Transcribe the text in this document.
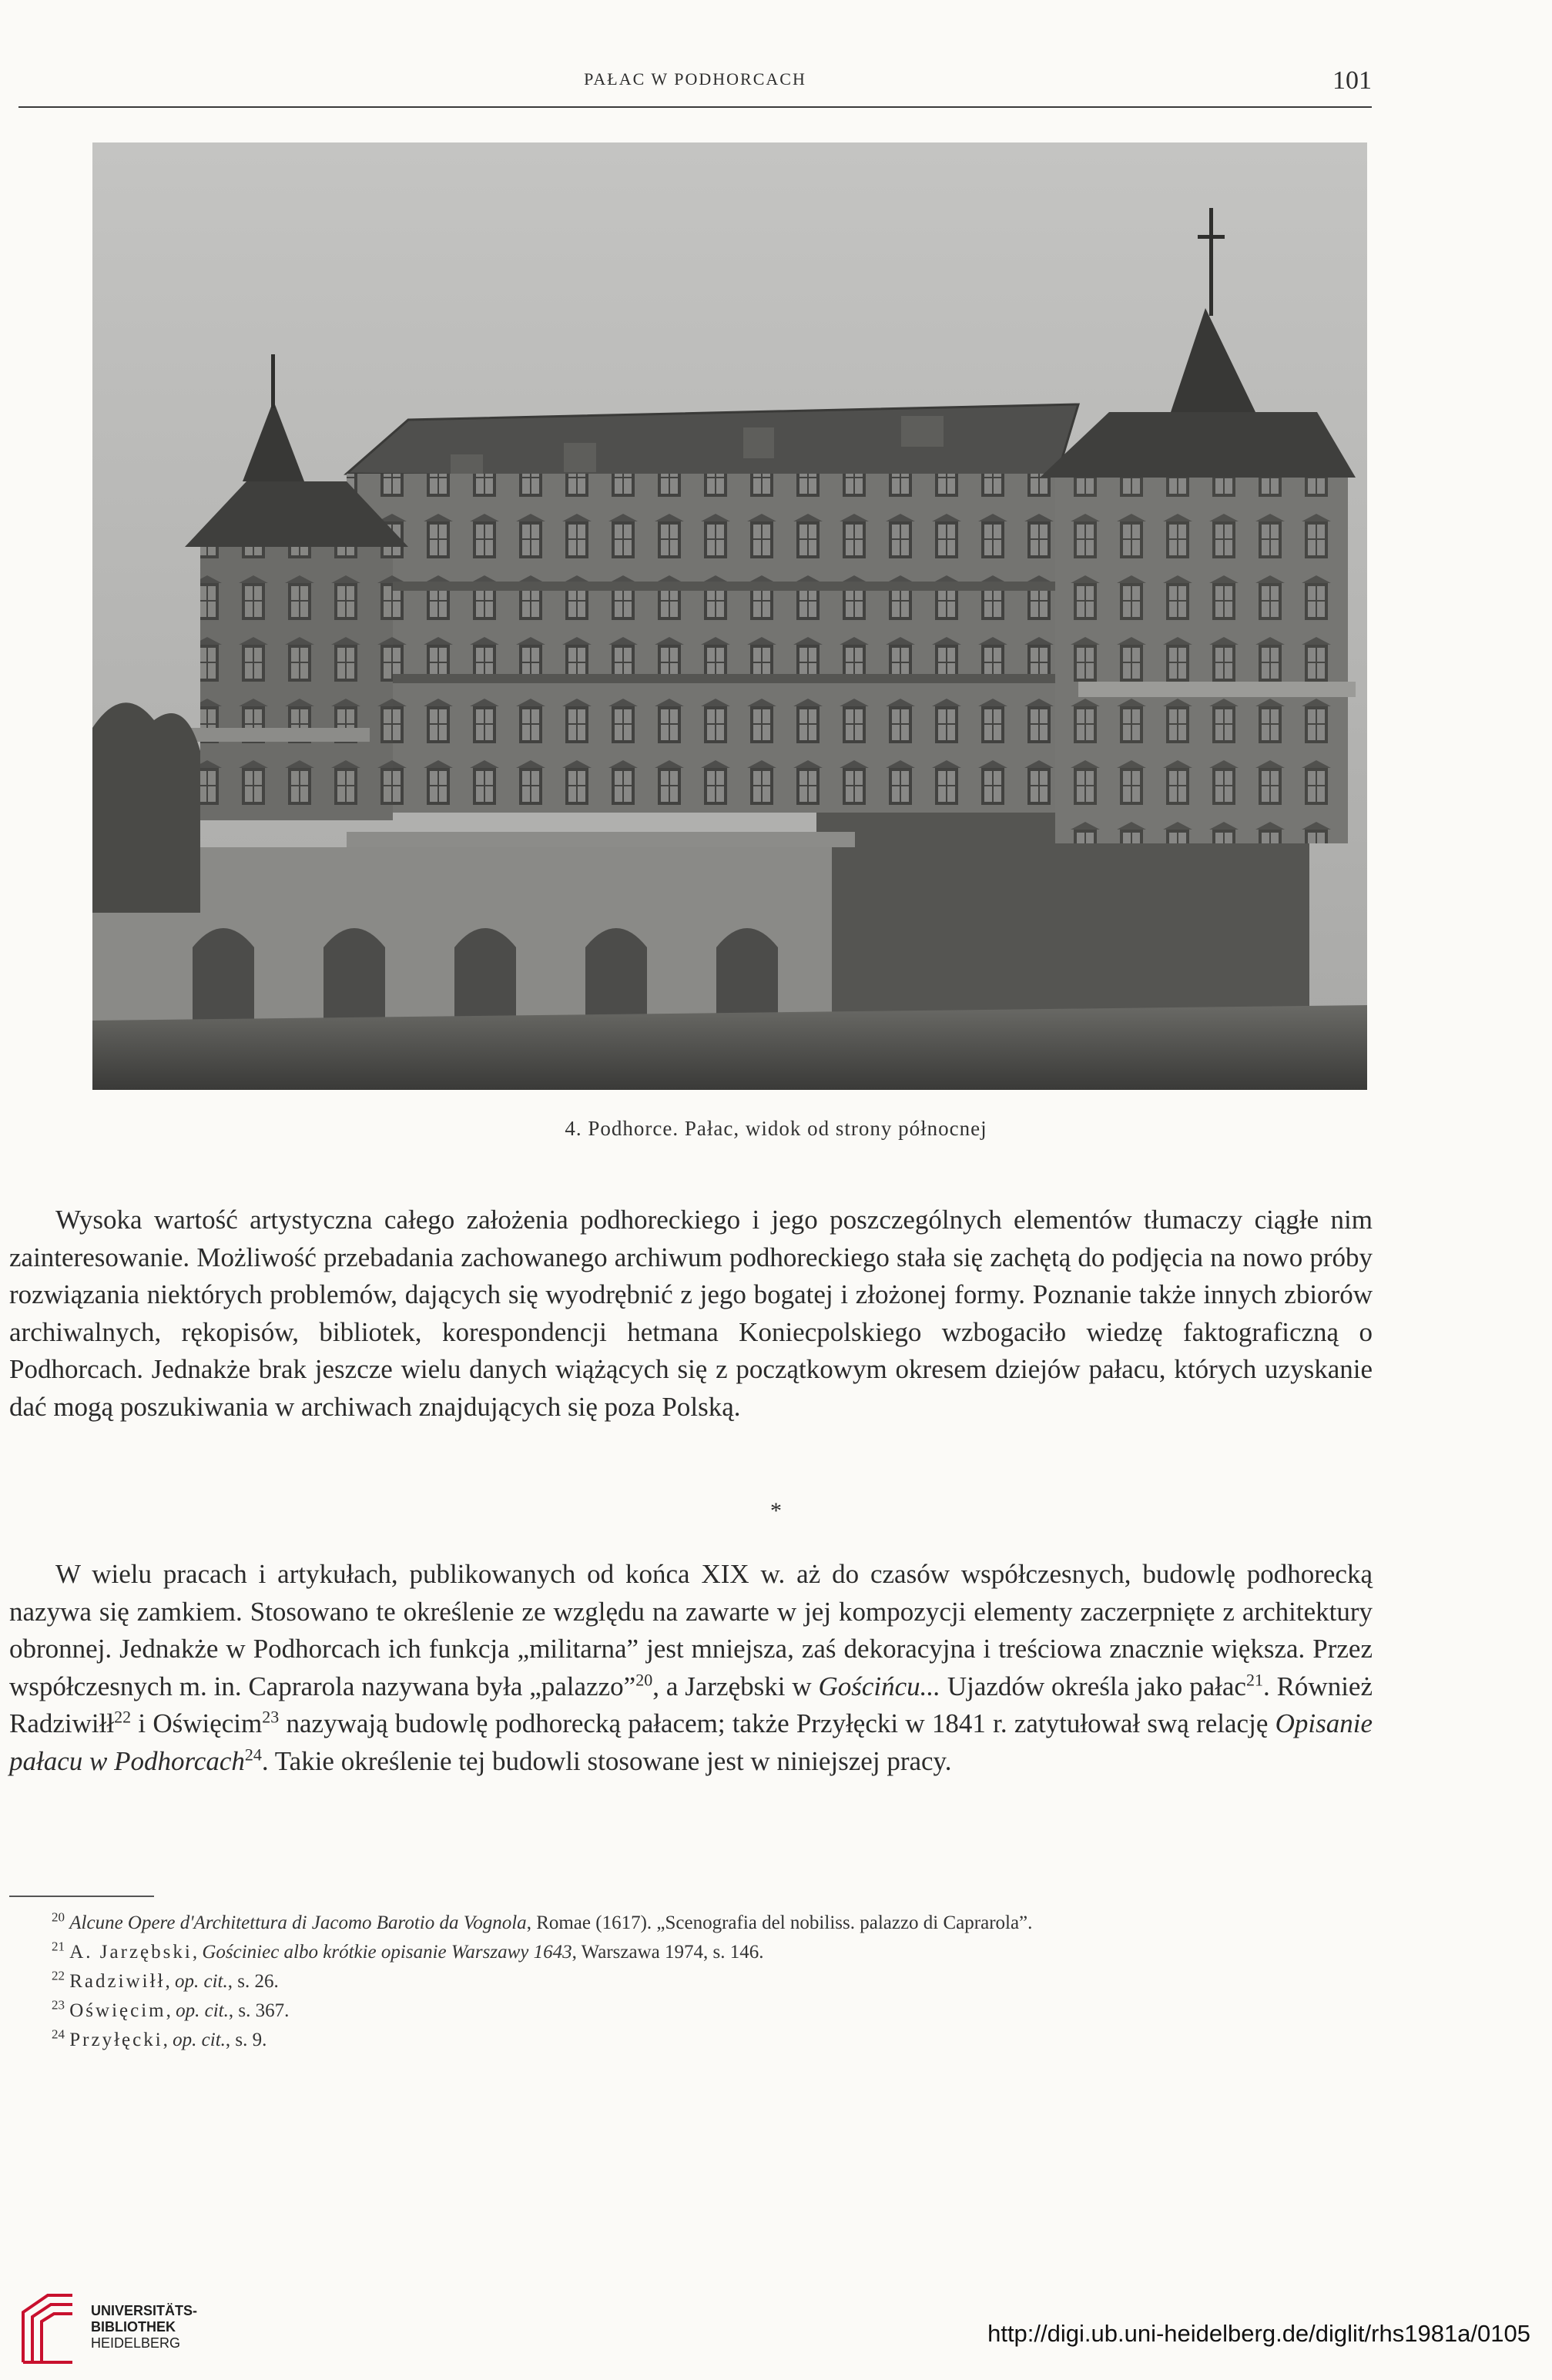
PAŁAC W PODHORCACH	101
4. Podhorce. Pałac, widok od strony północnej

Wysoka wartość artystyczna całego założenia podhoreckiego i jego poszczególnych elementów tłumaczy ciągłe nim zainteresowanie. Możliwość przebadania zachowanego archiwum podhoreckiego stała się zachętą do podjęcia na nowo próby rozwiązania niektórych problemów, dających się wyodrębnić z jego bogatej i złożonej formy. Poznanie także innych zbiorów archiwalnych, rękopisów, bibliotek, korespondencji hetmana Koniecpolskiego wzbogaciło wiedzę faktograficzną o Podhorcach. Jednakże brak jeszcze wielu danych wiążących się z początkowym okresem dziejów pałacu, których uzyskanie dać mogą poszukiwania w archiwach znajdujących się poza Polską.

*

W wielu pracach i artykułach, publikowanych od końca XIX w. aż do czasów współczesnych, budowlę podhorecką nazywa się zamkiem. Stosowano te określenie ze względu na zawarte w jej kompozycji elementy zaczerpnięte z architektury obronnej. Jednakże w Podhorcach ich funkcja „militarna” jest mniejsza, zaś dekoracyjna i treściowa znacznie większa. Przez współczesnych m. in. Caprarola nazywana była „palazzo”$^{20}$, a Jarzębski w Gościńcu... Ujazdów określa jako pałac$^{21}$. Również Radziwiłł$^{22}$ i Oświęcim$^{23}$ nazywają budowlę podhorecką pałacem; także Przyłęcki w 1841 r. zatytułował swą relację Opisanie pałacu w Podhorcach$^{24}$. Takie określenie tej budowli stosowane jest w niniejszej pracy.

$^{20}$ Alcune Opere d'Architettura di Jacomo Barotio da Vognola, Romae (1617). „Scenografia del nobiliss. palazzo di Caprarola”.

$^{21}$ A. Jarzębski, Gościniec albo krótkie opisanie Warszawy 1643, Warszawa 1974, s. 146.

$^{22}$ Radziwiłł, op. cit., s. 26.

$^{23}$ Oświęcim, op. cit., s. 367.

$^{24}$ Przyłęcki, op. cit., s. 9.

UNIVERSITÄTS-
BIBLIOTHEK
HEIDELBERG	http://digi.ub.uni-heidelberg.de/diglit/rhs1981a/0105
